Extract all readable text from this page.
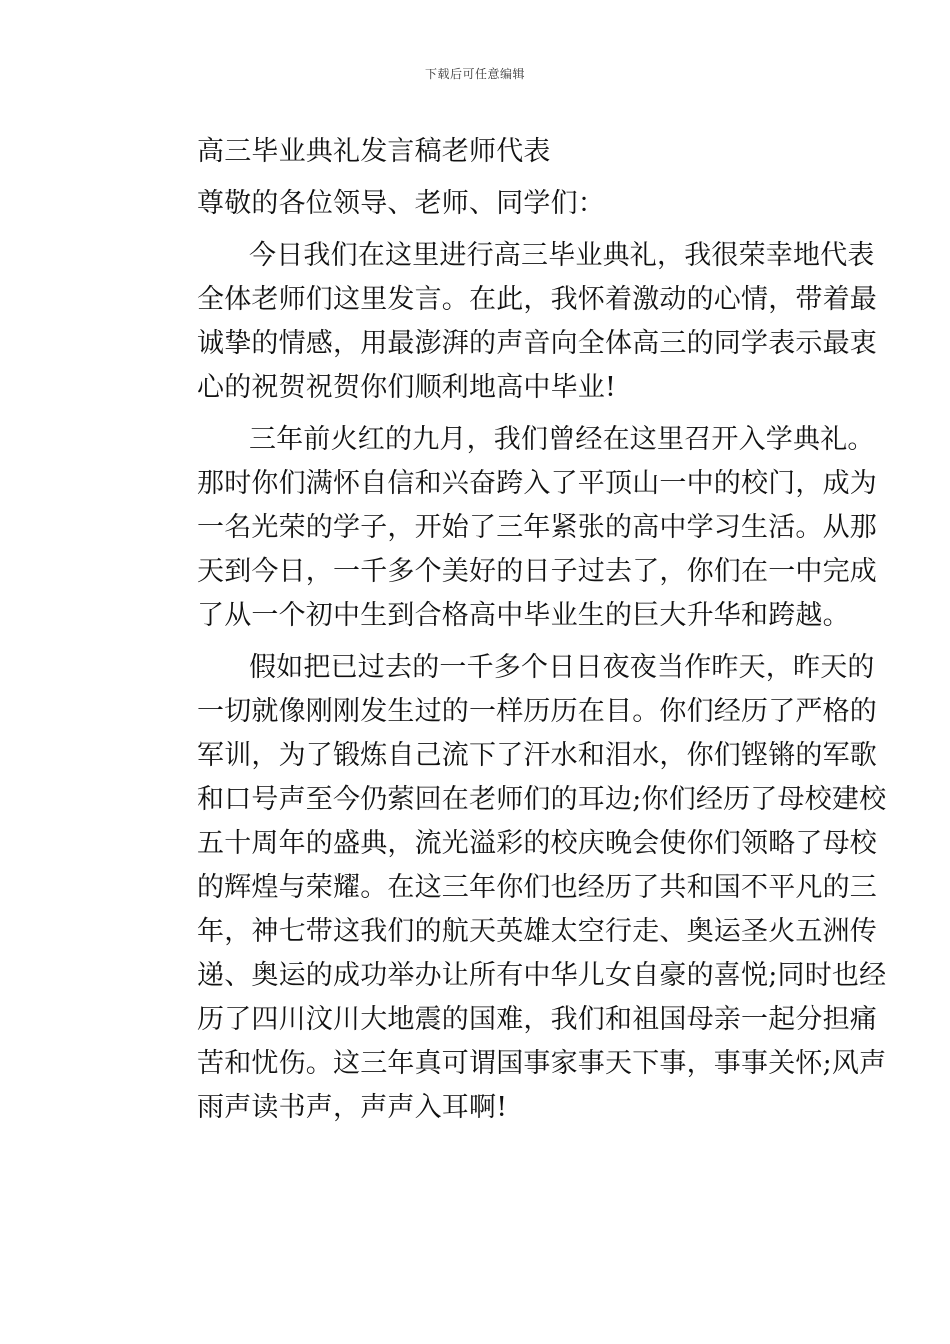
下载后可任意编辑
高三毕业典礼发言稿老师代表
尊敬的各位领导、老师、同学们：
今日我们在这里进行高三毕业典礼，我很荣幸地代表
全体老师们这里发言。在此，我怀着激动的心情，带着最
诚挚的情感，用最澎湃的声音向全体高三的同学表示最衷
心的祝贺祝贺你们顺利地高中毕业!
三年前火红的九月，我们曾经在这里召开入学典礼。
那时你们满怀自信和兴奋跨入了平顶山一中的校门，成为
一名光荣的学子，开始了三年紧张的高中学习生活。从那
天到今日，一千多个美好的日子过去了，你们在一中完成
了从一个初中生到合格高中毕业生的巨大升华和跨越。
假如把已过去的一千多个日日夜夜当作昨天，昨天的
一切就像刚刚发生过的一样历历在目。你们经历了严格的
军训，为了锻炼自己流下了汗水和泪水，你们铿锵的军歌
和口号声至今仍萦回在老师们的耳边;你们经历了母校建校
五十周年的盛典，流光溢彩的校庆晚会使你们领略了母校
的辉煌与荣耀。在这三年你们也经历了共和国不平凡的三
年，神七带这我们的航天英雄太空行走、奥运圣火五洲传
递、奥运的成功举办让所有中华儿女自豪的喜悦;同时也经
历了四川汶川大地震的国难，我们和祖国母亲一起分担痛
苦和忧伤。这三年真可谓国事家事天下事，事事关怀;风声
雨声读书声，声声入耳啊!
